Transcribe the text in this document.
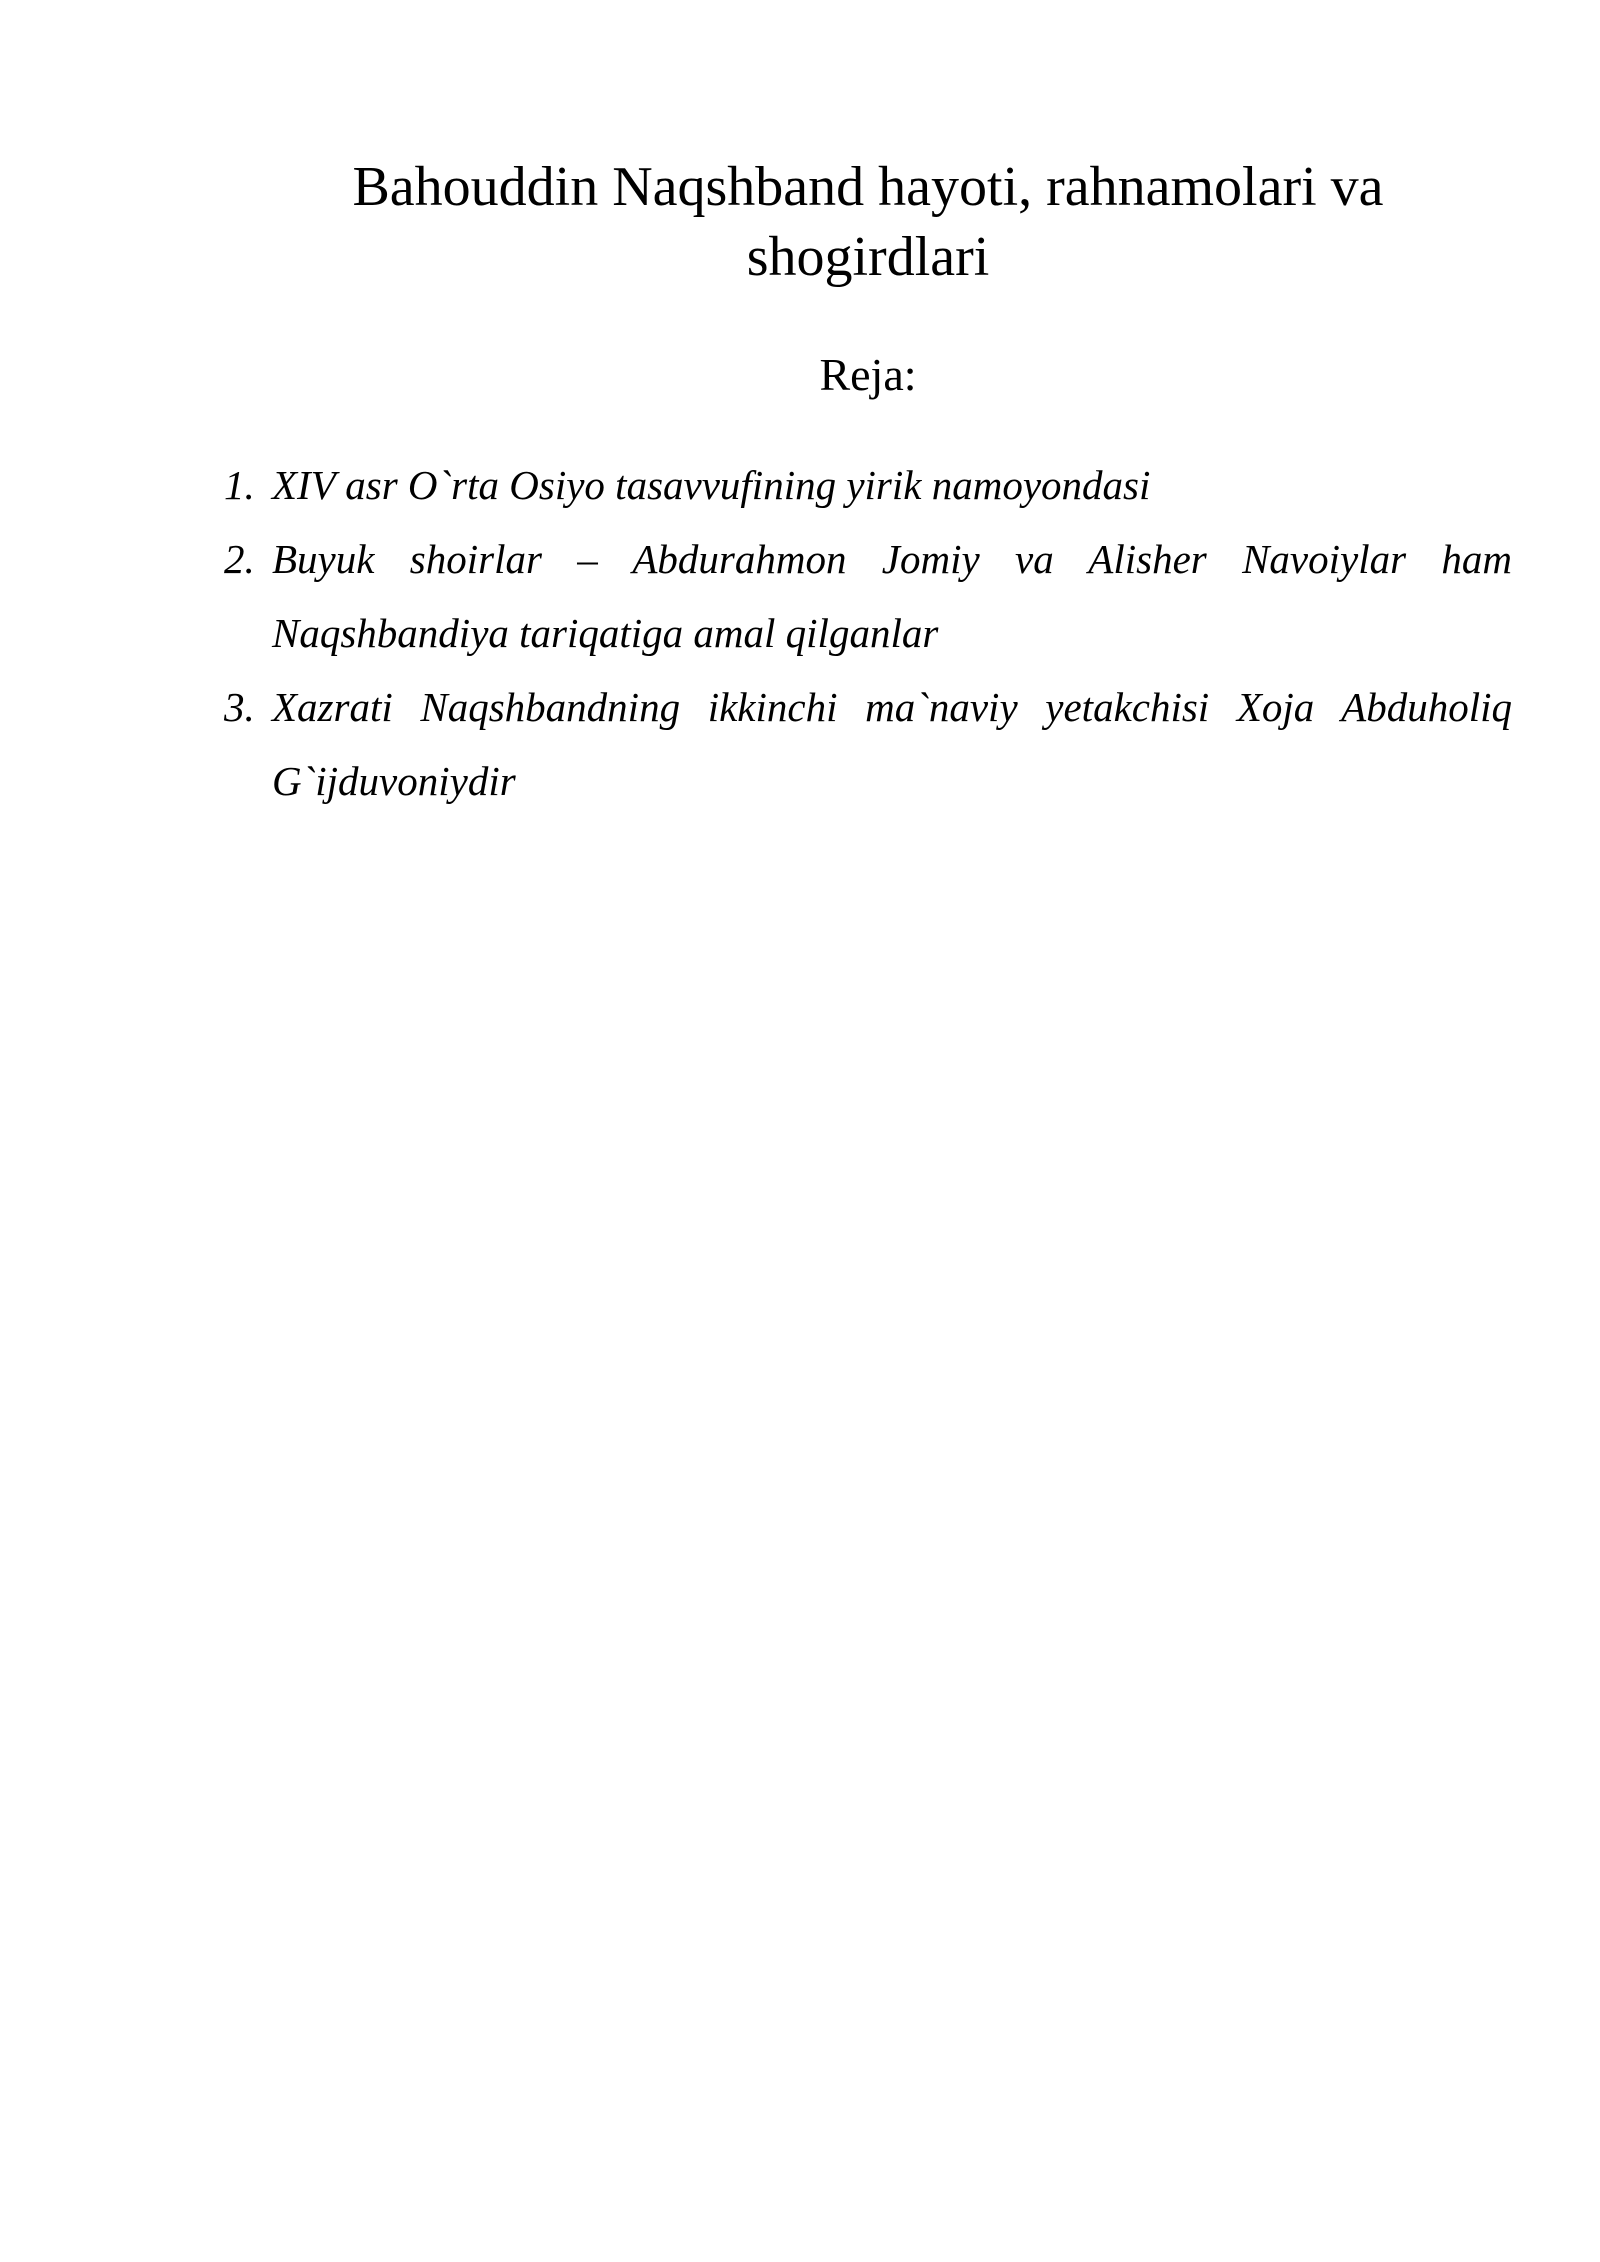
Bahouddin Naqshband hayoti, rahnamolari va shogirdlari
Reja:
1. XIV asr O`rta Osiyo tasavvufining yirik namoyondasi
2. Buyuk shoirlar – Abdurahmon Jomiy va Alisher Navoiylar ham Naqshbandiya tariqatiga amal qilganlar
3. Xazrati Naqshbandning ikkinchi ma`naviy yetakchisi Xoja Abduholiq G`ijduvoniydir
